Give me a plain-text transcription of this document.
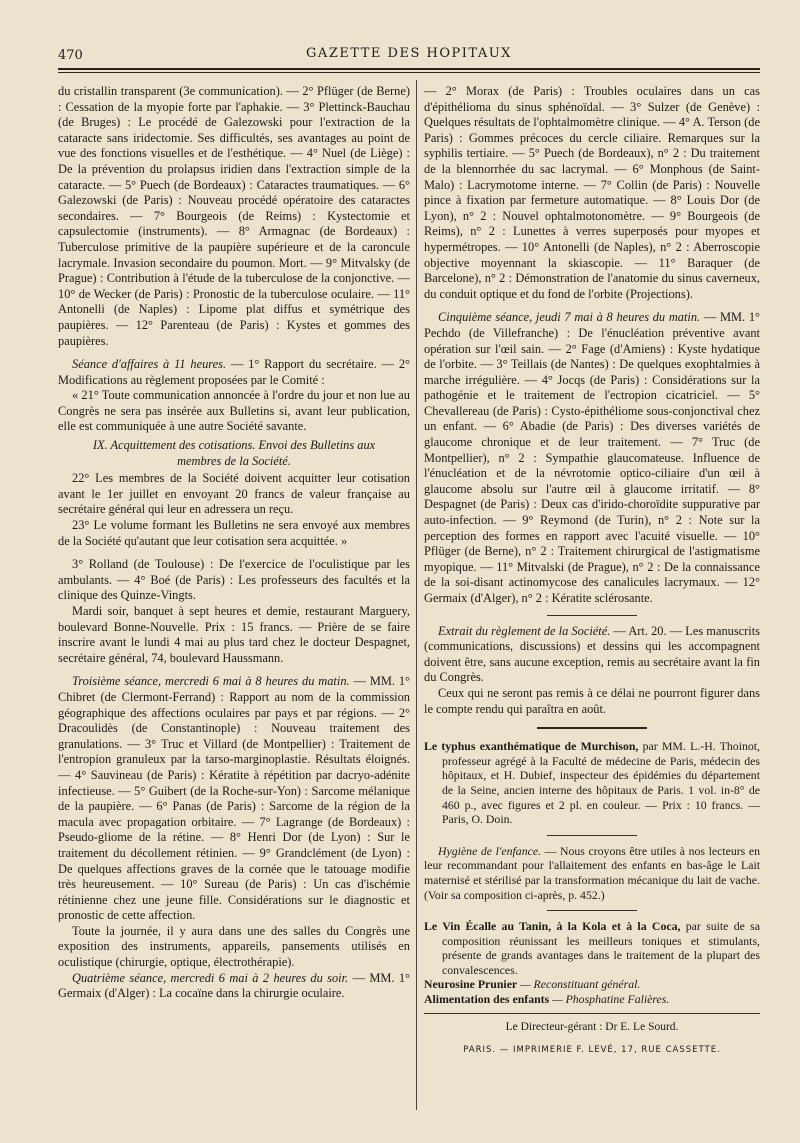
470	GAZETTE DES HOPITAUX

du cristallin transparent (3e communication). — 2° Pflüger (de Berne) : Cessation de la myopie forte par l'aphakie. — 3° Plettinck-Bauchau (de Bruges) : Le procédé de Galezowski pour l'extraction de la cataracte sans iridectomie. Ses difficultés, ses avantages au point de vue des fonctions visuelles et de l'esthétique. — 4° Nuel (de Liège) : De la prévention du prolapsus iridien dans l'extraction simple de la cataracte. — 5° Puech (de Bordeaux) : Cataractes traumatiques. — 6° Galezowski (de Paris) : Nouveau procédé opératoire des cataractes secondaires. — 7° Bourgeois (de Reims) : Kystectomie et capsulectomie (instruments). — 8° Armagnac (de Bordeaux) : Tuberculose primitive de la paupière supérieure et de la caroncule lacrymale. Invasion secondaire du poumon. Mort. — 9° Mitvalsky (de Prague) : Contribution à l'étude de la tuberculose de la conjonctive. — 10° de Wecker (de Paris) : Pronostic de la tuberculose oculaire. — 11° Antonelli (de Naples) : Lipome plat diffus et symétrique des paupières. — 12° Parenteau (de Paris) : Kystes et gommes des paupières.

Séance d'affaires à 11 heures. — 1° Rapport du secrétaire. — 2° Modifications au règlement proposées par le Comité :

« 21° Toute communication annoncée à l'ordre du jour et non lue au Congrès ne sera pas insérée aux Bulletins si, avant leur publication, elle est communiquée à une autre Société savante.

IX. Acquittement des cotisations. Envoi des Bulletins aux
membres de la Société.

22° Les membres de la Société doivent acquitter leur cotisation avant le 1er juillet en envoyant 20 francs de valeur française au secrétaire général qui leur en adressera un reçu.

23° Le volume formant les Bulletins ne sera envoyé aux membres de la Société qu'autant que leur cotisation sera acquittée. »

3° Rolland (de Toulouse) : De l'exercice de l'oculistique par les ambulants. — 4° Boé (de Paris) : Les professeurs des facultés et la clinique des Quinze-Vingts.

Mardi soir, banquet à sept heures et demie, restaurant Marguery, boulevard Bonne-Nouvelle. Prix : 15 francs. — Prière de se faire inscrire avant le lundi 4 mai au plus tard chez le docteur Despagnet, secrétaire général, 74, boulevard Haussmann.

Troisième séance, mercredi 6 mai à 8 heures du matin. — MM. 1° Chibret (de Clermont-Ferrand) : Rapport au nom de la commission géographique des affections oculaires par pays et par régions. — 2° Dracoulidès (de Constantinople) : Nouveau traitement des granulations. — 3° Truc et Villard (de Montpellier) : Traitement de l'entropion granuleux par la tarso-marginoplastie. Résultats éloignés. — 4° Sauvineau (de Paris) : Kératite à répétition par dacryo-adénite infectieuse. — 5° Guibert (de la Roche-sur-Yon) : Sarcome mélanique de la paupière. — 6° Panas (de Paris) : Sarcome de la région de la macula avec propagation orbitaire. — 7° Lagrange (de Bordeaux) : Pseudo-gliome de la rétine. — 8° Henri Dor (de Lyon) : Sur le traitement du décollement rétinien. — 9° Grandclément (de Lyon) : De quelques affections graves de la cornée que le tatouage modifie très heureusement. — 10° Sureau (de Paris) : Un cas d'ischémie rétinienne chez une jeune fille. Considérations sur le diagnostic et pronostic de cette affection.

Toute la journée, il y aura dans une des salles du Congrès une exposition des instruments, appareils, pansements utilisés en oculistique (chirurgie, optique, électrothérapie).

Quatrième séance, mercredi 6 mai à 2 heures du soir. — MM. 1° Germaix (d'Alger) : La cocaïne dans la chirurgie oculaire.

— 2° Morax (de Paris) : Troubles oculaires dans un cas d'épithélioma du sinus sphénoïdal. — 3° Sulzer (de Genève) : Quelques résultats de l'ophtalmomètre clinique. — 4° A. Terson (de Paris) : Gommes précoces du cercle ciliaire. Remarques sur la syphilis tertiaire. — 5° Puech (de Bordeaux), n° 2 : Du traitement de la blennorrhée du sac lacrymal. — 6° Monphous (de Saint-Malo) : Lacrymotome interne. — 7° Collin (de Paris) : Nouvelle pince à fixation par fermeture automatique. — 8° Louis Dor (de Lyon), n° 2 : Nouvel ophtalmotonomètre. — 9° Bourgeois (de Reims), n° 2 : Lunettes à verres superposés pour myopes et hypermétropes. — 10° Antonelli (de Naples), n° 2 : Aberroscopie objective moyennant la skiascopie. — 11° Baraquer (de Barcelone), n° 2 : Démonstration de l'anatomie du sinus caverneux, du conduit optique et du fond de l'orbite (Projections).

Cinquième séance, jeudi 7 mai à 8 heures du matin. — MM. 1° Pechdo (de Villefranche) : De l'énucléation préventive avant opération sur l'œil sain. — 2° Fage (d'Amiens) : Kyste hydatique de l'orbite. — 3° Teillais (de Nantes) : De quelques exophtalmies à marche irrégulière. — 4° Jocqs (de Paris) : Considérations sur la pathogénie et le traitement de l'ectropion cicatriciel. — 5° Chevallereau (de Paris) : Cysto-épithéliome sous-conjonctival chez un enfant. — 6° Abadie (de Paris) : Des diverses variétés de glaucome chronique et de leur traitement. — 7° Truc (de Montpellier), n° 2 : Sympathie glaucomateuse. Influence de l'énucléation et de la névrotomie optico-ciliaire d'un œil à glaucome absolu sur l'autre œil à glaucome irritatif. — 8° Despagnet (de Paris) : Deux cas d'irido-choroïdite suppurative par auto-infection. — 9° Reymond (de Turin), n° 2 : Note sur la perception des formes en rapport avec l'acuité visuelle. — 10° Pflüger (de Berne), n° 2 : Traitement chirurgical de l'astigmatisme myopique. — 11° Mitvalski (de Prague), n° 2 : De la connaissance de la soi-disant actinomycose des canalicules lacrymaux. — 12° Germaix (d'Alger), n° 2 : Kératite sclérosante.

Extrait du règlement de la Société. — Art. 20. — Les manuscrits (communications, discussions) et dessins qui les accompagnent doivent être, sans aucune exception, remis au secrétaire avant la fin du Congrès.

Ceux qui ne seront pas remis à ce délai ne pourront figurer dans le compte rendu qui paraîtra en août.

Le typhus exanthématique de Murchison, par MM. L.-H. Thoinot, professeur agrégé à la Faculté de médecine de Paris, médecin des hôpitaux, et H. Dubief, inspecteur des épidémies du département de la Seine, ancien interne des hôpitaux de Paris. 1 vol. in-8° de 460 p., avec figures et 2 pl. en couleur. — Prix : 10 francs. — Paris, O. Doin.

Hygiène de l'enfance. — Nous croyons être utiles à nos lecteurs en leur recommandant pour l'allaitement des enfants en bas-âge le Lait maternisé et stérilisé par la transformation mécanique du lait de vache. (Voir sa composition ci-après, p. 452.)

Le Vin Écalle au Tanin, à la Kola et à la Coca, par suite de sa composition réunissant les meilleurs toniques et stimulants, présente de grands avantages dans le traitement de la plupart des convalescences.

Neurosine Prunier — Reconstituant général.

Alimentation des enfants — Phosphatine Falières.

Le Directeur-gérant : Dr E. Le Sourd.
PARIS. — IMPRIMERIE F. LEVÉ, 17, RUE CASSETTE.
